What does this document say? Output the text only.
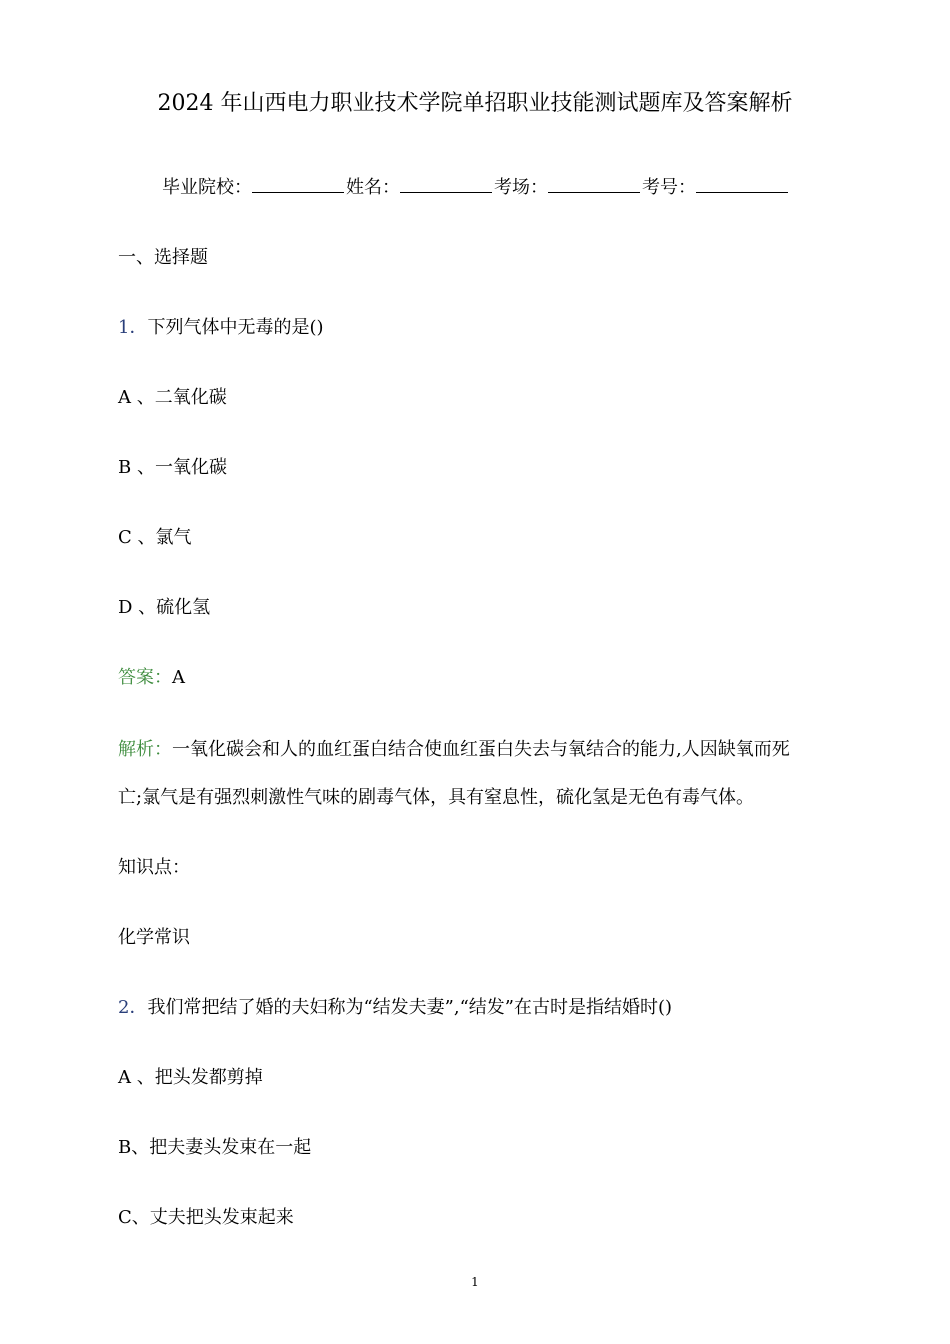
2024 年山西电力职业技术学院单招职业技能测试题库及答案解析
毕业院校：	姓名：	考场：	考号：
一、选择题
1．下列气体中无毒的是()
A 、二氧化碳
B 、一氧化碳
C 、氯气
D 、硫化氢
答案：A
解析：一氧化碳会和人的血红蛋白结合使血红蛋白失去与氧结合的能力,人因缺氧而死
亡;氯气是有强烈刺激性气味的剧毒气体，具有窒息性，硫化氢是无色有毒气体。
知识点：
化学常识
2．我们常把结了婚的夫妇称为“结发夫妻”,“结发”在古时是指结婚时()
A 、把头发都剪掉
B、把夫妻头发束在一起
C、丈夫把头发束起来
1
